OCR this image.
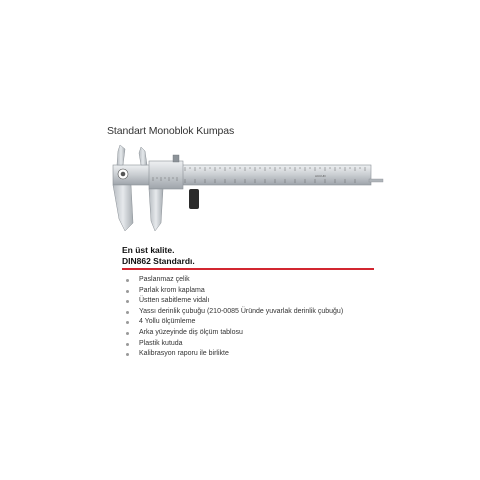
Standart Monoblok Kumpas
ACCUD
En üst kalite.
DIN862 Standardı.
Paslanmaz çelik
Parlak krom kaplama
Üstten sabitleme vidalı
Yassı derinlik çubuğu (210-0085 Üründe yuvarlak derinlik çubuğu)
4 Yollu ölçümleme
Arka yüzeyinde diş ölçüm tablosu
Plastik kutuda
Kalibrasyon raporu ile birlikte
